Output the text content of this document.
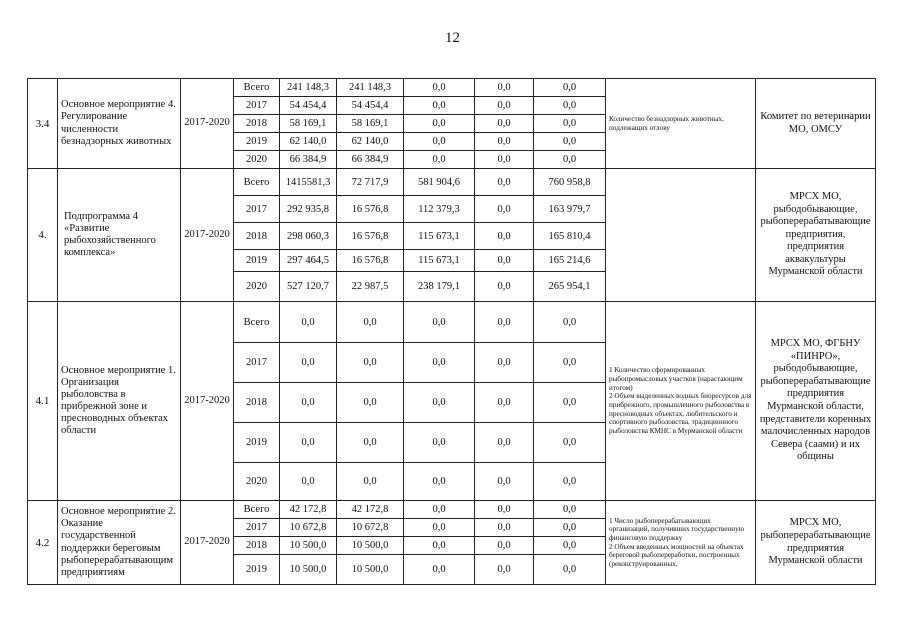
12
3.4	Основное мероприятие 4. Регулирование численности безнадзорных животных	2017-2020	Всего	241 148,3	241 148,3	0,0	0,0	0,0	Количество безнадзорных животных, подлежащих отлову	Комитет по ветеринарии МО, ОМСУ
			2017	54 454,4	54 454,4	0,0	0,0	0,0		
			2018	58 169,1	58 169,1	0,0	0,0	0,0		
			2019	62 140,0	62 140,0	0,0	0,0	0,0		
			2020	66 384,9	66 384,9	0,0	0,0	0,0		
4.	Подпрограмма 4 «Развитие рыбохозяйственного комплекса»	2017-2020	Всего	1415581,3	72 717,9	581 904,6	0,0	760 958,8		МРСХ МО, рыбодобывающие, рыбоперерабатывающие предприятия, предприятия аквакультуры Мурманской области
			2017	292 935,8	16 576,8	112 379,3	0,0	163 979,7		
			2018	298 060,3	16 576,8	115 673,1	0,0	165 810,4		
			2019	297 464,5	16 576,8	115 673,1	0,0	165 214,6		
			2020	527 120,7	22 987,5	238 179,1	0,0	265 954,1		
4.1	Основное мероприятие 1. Организация рыболовства в прибрежной зоне и пресноводных объектах области	2017-2020	Всего	0,0	0,0	0,0	0,0	0,0	1 Количество сформированных рыбопромысловых участков (нарастающим итогом)
2 Объем выделенных водных биоресурсов для прибрежного, промышленного рыболовства в пресноводных объектах, любительского и спортивного рыболовства, традиционного рыболовства КМНС в Мурманской области	МРСХ МО, ФГБНУ «ПИНРО», рыбодобывающие, рыбоперерабатывающие предприятия Мурманской области, представители коренных малочисленных народов Севера (саами) и их общины
			2017	0,0	0,0	0,0	0,0	0,0		
			2018	0,0	0,0	0,0	0,0	0,0		
			2019	0,0	0,0	0,0	0,0	0,0		
			2020	0,0	0,0	0,0	0,0	0,0		
4.2	Основное мероприятие 2. Оказание государственной поддержки береговым рыбоперерабатывающим предприятиям	2017-2020	Всего	42 172,8	42 172,8	0,0	0,0	0,0	1 Число рыбоперерабатывающих организаций, получивших государственную финансовую поддержку
2 Объем введенных мощностей на объектах береговой рыбопереработки, построенных (реконструированных,	МРСХ МО, рыбоперерабатывающие предприятия Мурманской области
			2017	10 672,8	10 672,8	0,0	0,0	0,0		
			2018	10 500,0	10 500,0	0,0	0,0	0,0		
			2019	10 500,0	10 500,0	0,0	0,0	0,0		
